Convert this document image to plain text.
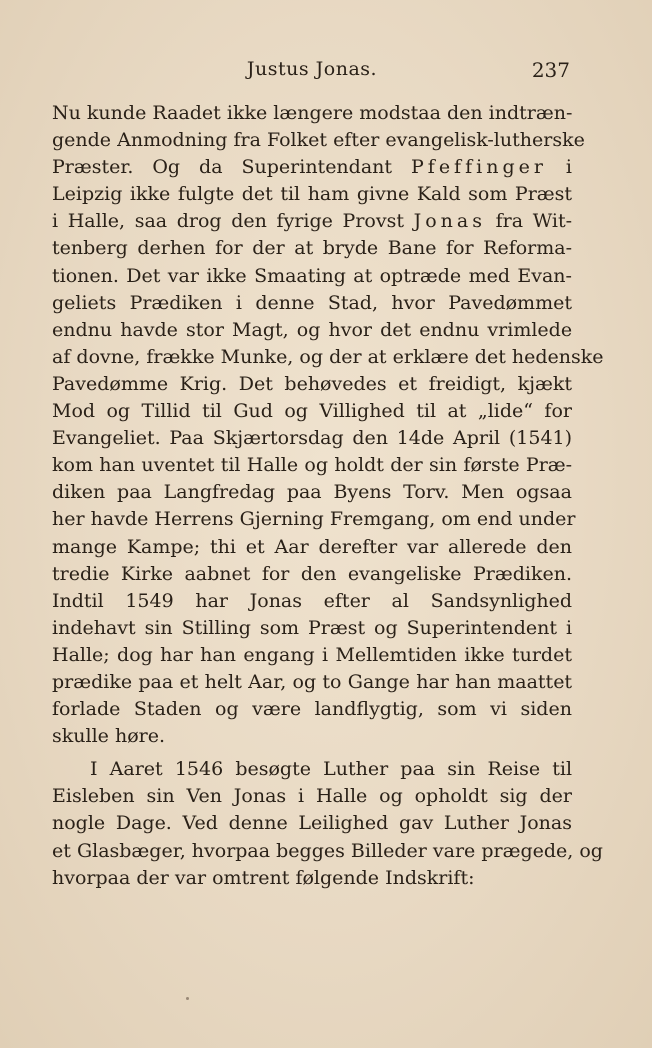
Justus Jonas.	237
Nu kunde Raadet ikke længere modstaa den indtræn-
gende Anmodning fra Folket efter evangelisk-lutherske
Præster. Og da Superintendant Pfeffinger i
Leipzig ikke fulgte det til ham givne Kald som Præst
i Halle, saa drog den fyrige Provst Jonas fra Wit-
tenberg derhen for der at bryde Bane for Reforma-
tionen. Det var ikke Smaating at optræde med Evan-
geliets Prædiken i denne Stad, hvor Pavedømmet
endnu havde stor Magt, og hvor det endnu vrimlede
af dovne, frække Munke, og der at erklære det hedenske
Pavedømme Krig. Det behøvedes et freidigt, kjækt
Mod og Tillid til Gud og Villighed til at „lide“ for
Evangeliet. Paa Skjærtorsdag den 14de April (1541)
kom han uventet til Halle og holdt der sin første Præ-
diken paa Langfredag paa Byens Torv. Men ogsaa
her havde Herrens Gjerning Fremgang, om end under
mange Kampe; thi et Aar derefter var allerede den
tredie Kirke aabnet for den evangeliske Prædiken.
Indtil 1549 har Jonas efter al Sandsynlighed
indehavt sin Stilling som Præst og Superintendent i
Halle; dog har han engang i Mellemtiden ikke turdet
prædike paa et helt Aar, og to Gange har han maattet
forlade Staden og være landflygtig, som vi siden
skulle høre.
I Aaret 1546 besøgte Luther paa sin Reise til
Eisleben sin Ven Jonas i Halle og opholdt sig der
nogle Dage. Ved denne Leilighed gav Luther Jonas
et Glasbæger, hvorpaa begges Billeder vare prægede, og
hvorpaa der var omtrent følgende Indskrift:
